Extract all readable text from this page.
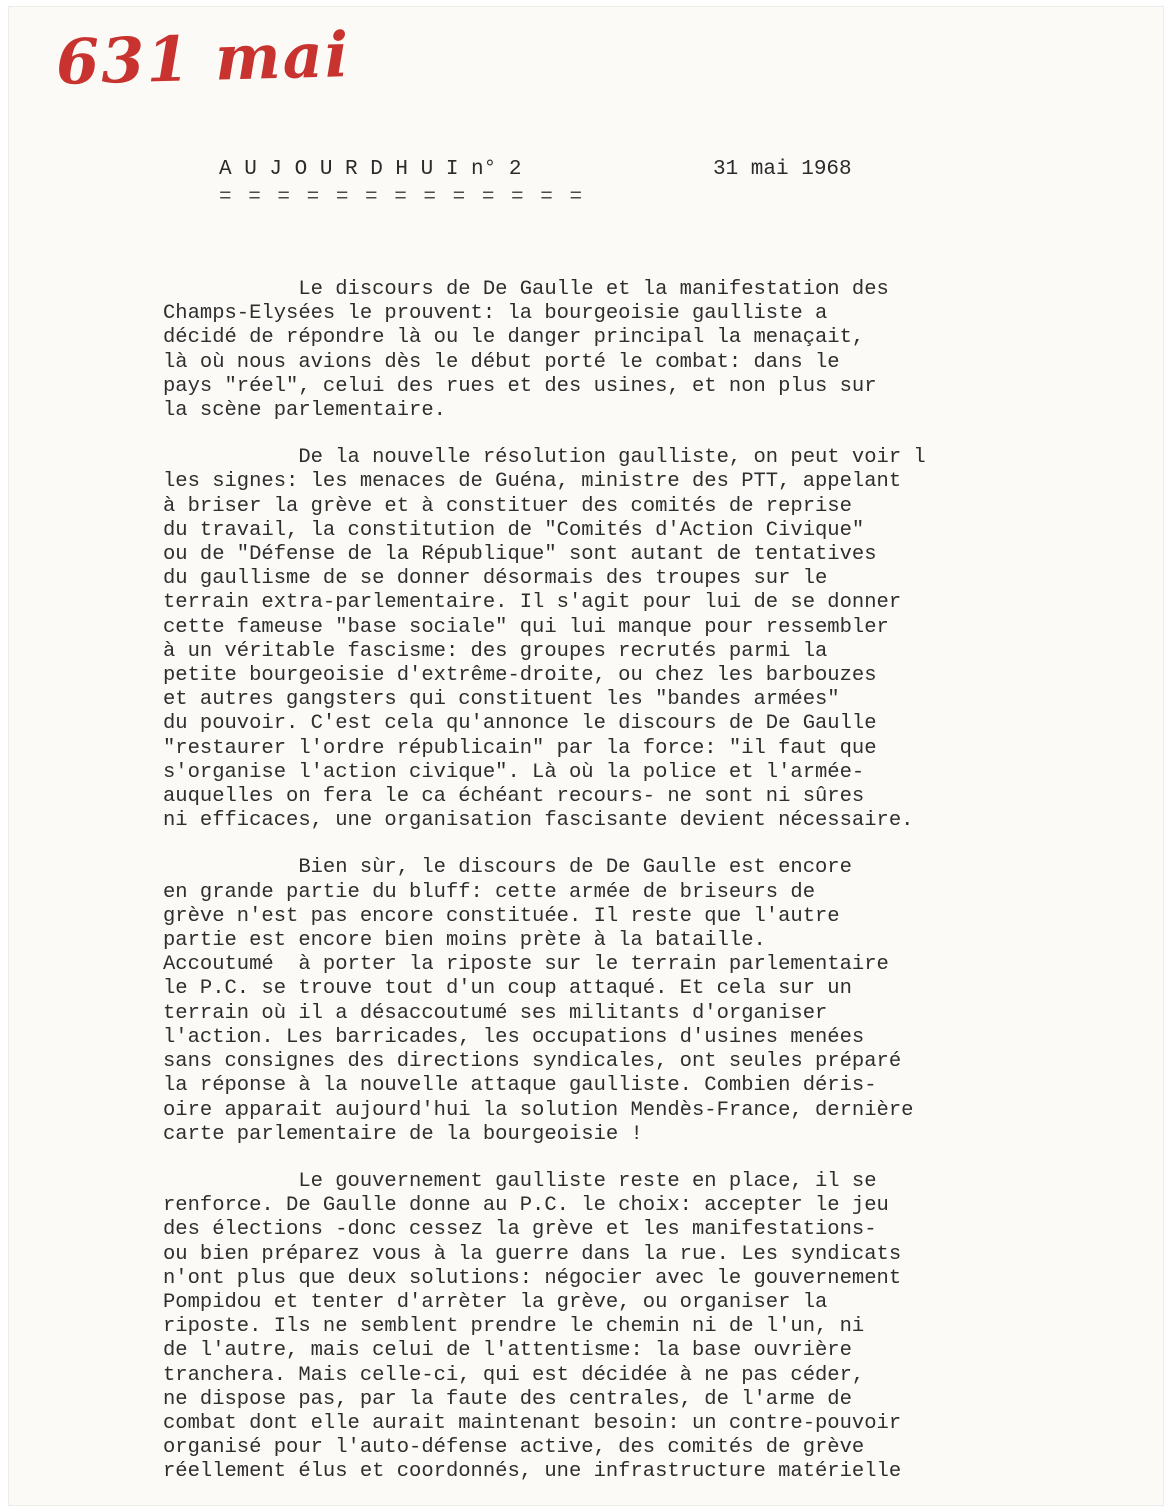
631 mai
A U J O U R D H U I n° 2	31 mai 1968
= = = = = = = = = = = = =
Le discours de De Gaulle et la manifestation des
Champs-Elysées le prouvent: la bourgeoisie gaulliste a
décidé de répondre là ou le danger principal la menaçait,
là où nous avions dès le début porté le combat: dans le
pays "réel", celui des rues et des usines, et non plus sur
la scène parlementaire.
De la nouvelle résolution gaulliste, on peut voir l
les signes: les menaces de Guéna, ministre des PTT, appelant
à briser la grève et à constituer des comités de reprise
du travail, la constitution de "Comités d'Action Civique"
ou de "Défense de la République" sont autant de tentatives
du gaullisme de se donner désormais des troupes sur le
terrain extra-parlementaire. Il s'agit pour lui de se donner
cette fameuse "base sociale" qui lui manque pour ressembler
à un véritable fascisme: des groupes recrutés parmi la
petite bourgeoisie d'extrême-droite, ou chez les barbouzes
et autres gangsters qui constituent les "bandes armées"
du pouvoir. C'est cela qu'annonce le discours de De Gaulle
"restaurer l'ordre républicain" par la force: "il faut que
s'organise l'action civique". Là où la police et l'armée-
auquelles on fera le ca échéant recours- ne sont ni sûres
ni efficaces, une organisation fascisante devient nécessaire.
Bien sùr, le discours de De Gaulle est encore
en grande partie du bluff: cette armée de briseurs de
grève n'est pas encore constituée. Il reste que l'autre
partie est encore bien moins prète à la bataille.
Accoutumé  à porter la riposte sur le terrain parlementaire
le P.C. se trouve tout d'un coup attaqué. Et cela sur un
terrain où il a désaccoutumé ses militants d'organiser
l'action. Les barricades, les occupations d'usines menées
sans consignes des directions syndicales, ont seules préparé
la réponse à la nouvelle attaque gaulliste. Combien déris-
oire apparait aujourd'hui la solution Mendès-France, dernière
carte parlementaire de la bourgeoisie !
Le gouvernement gaulliste reste en place, il se
renforce. De Gaulle donne au P.C. le choix: accepter le jeu
des élections -donc cessez la grève et les manifestations-
ou bien préparez vous à la guerre dans la rue. Les syndicats
n'ont plus que deux solutions: négocier avec le gouvernement
Pompidou et tenter d'arrèter la grève, ou organiser la
riposte. Ils ne semblent prendre le chemin ni de l'un, ni
de l'autre, mais celui de l'attentisme: la base ouvrière
tranchera. Mais celle-ci, qui est décidée à ne pas céder,
ne dispose pas, par la faute des centrales, de l'arme de
combat dont elle aurait maintenant besoin: un contre-pouvoir
organisé pour l'auto-défense active, des comités de grève
réellement élus et coordonnés, une infrastructure matérielle
